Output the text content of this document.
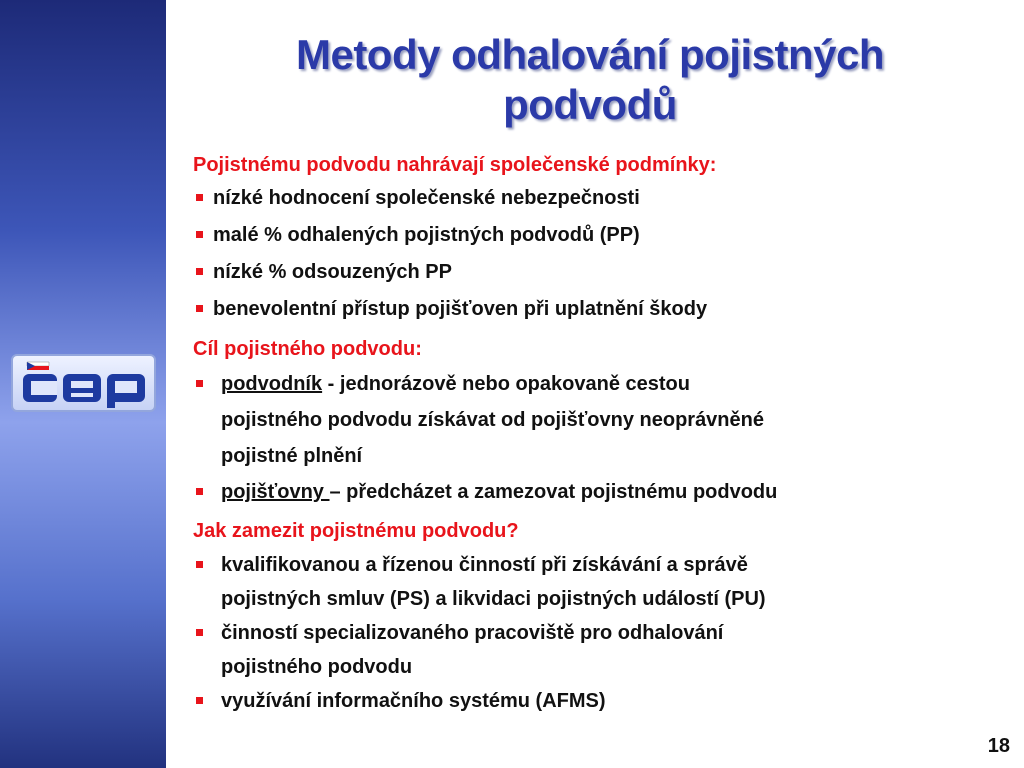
Metody odhalování pojistných podvodů
Pojistnému podvodu nahrávají společenské podmínky:
nízké hodnocení společenské nebezpečnosti
malé % odhalených pojistných podvodů (PP)
nízké % odsouzených PP
benevolentní přístup pojišťoven při uplatnění škody
Cíl pojistného podvodu:
podvodník - jednorázově nebo opakovaně cestou
pojistného podvodu získávat od pojišťovny neoprávněné
pojistné plnění
pojišťovny – předcházet a zamezovat pojistnému podvodu
Jak zamezit pojistnému podvodu?
kvalifikovanou a řízenou činností při získávání a správě
pojistných smluv (PS) a likvidaci pojistných událostí (PU)
činností specializovaného pracoviště pro odhalování
pojistného podvodu
využívání informačního systému (AFMS)
18
